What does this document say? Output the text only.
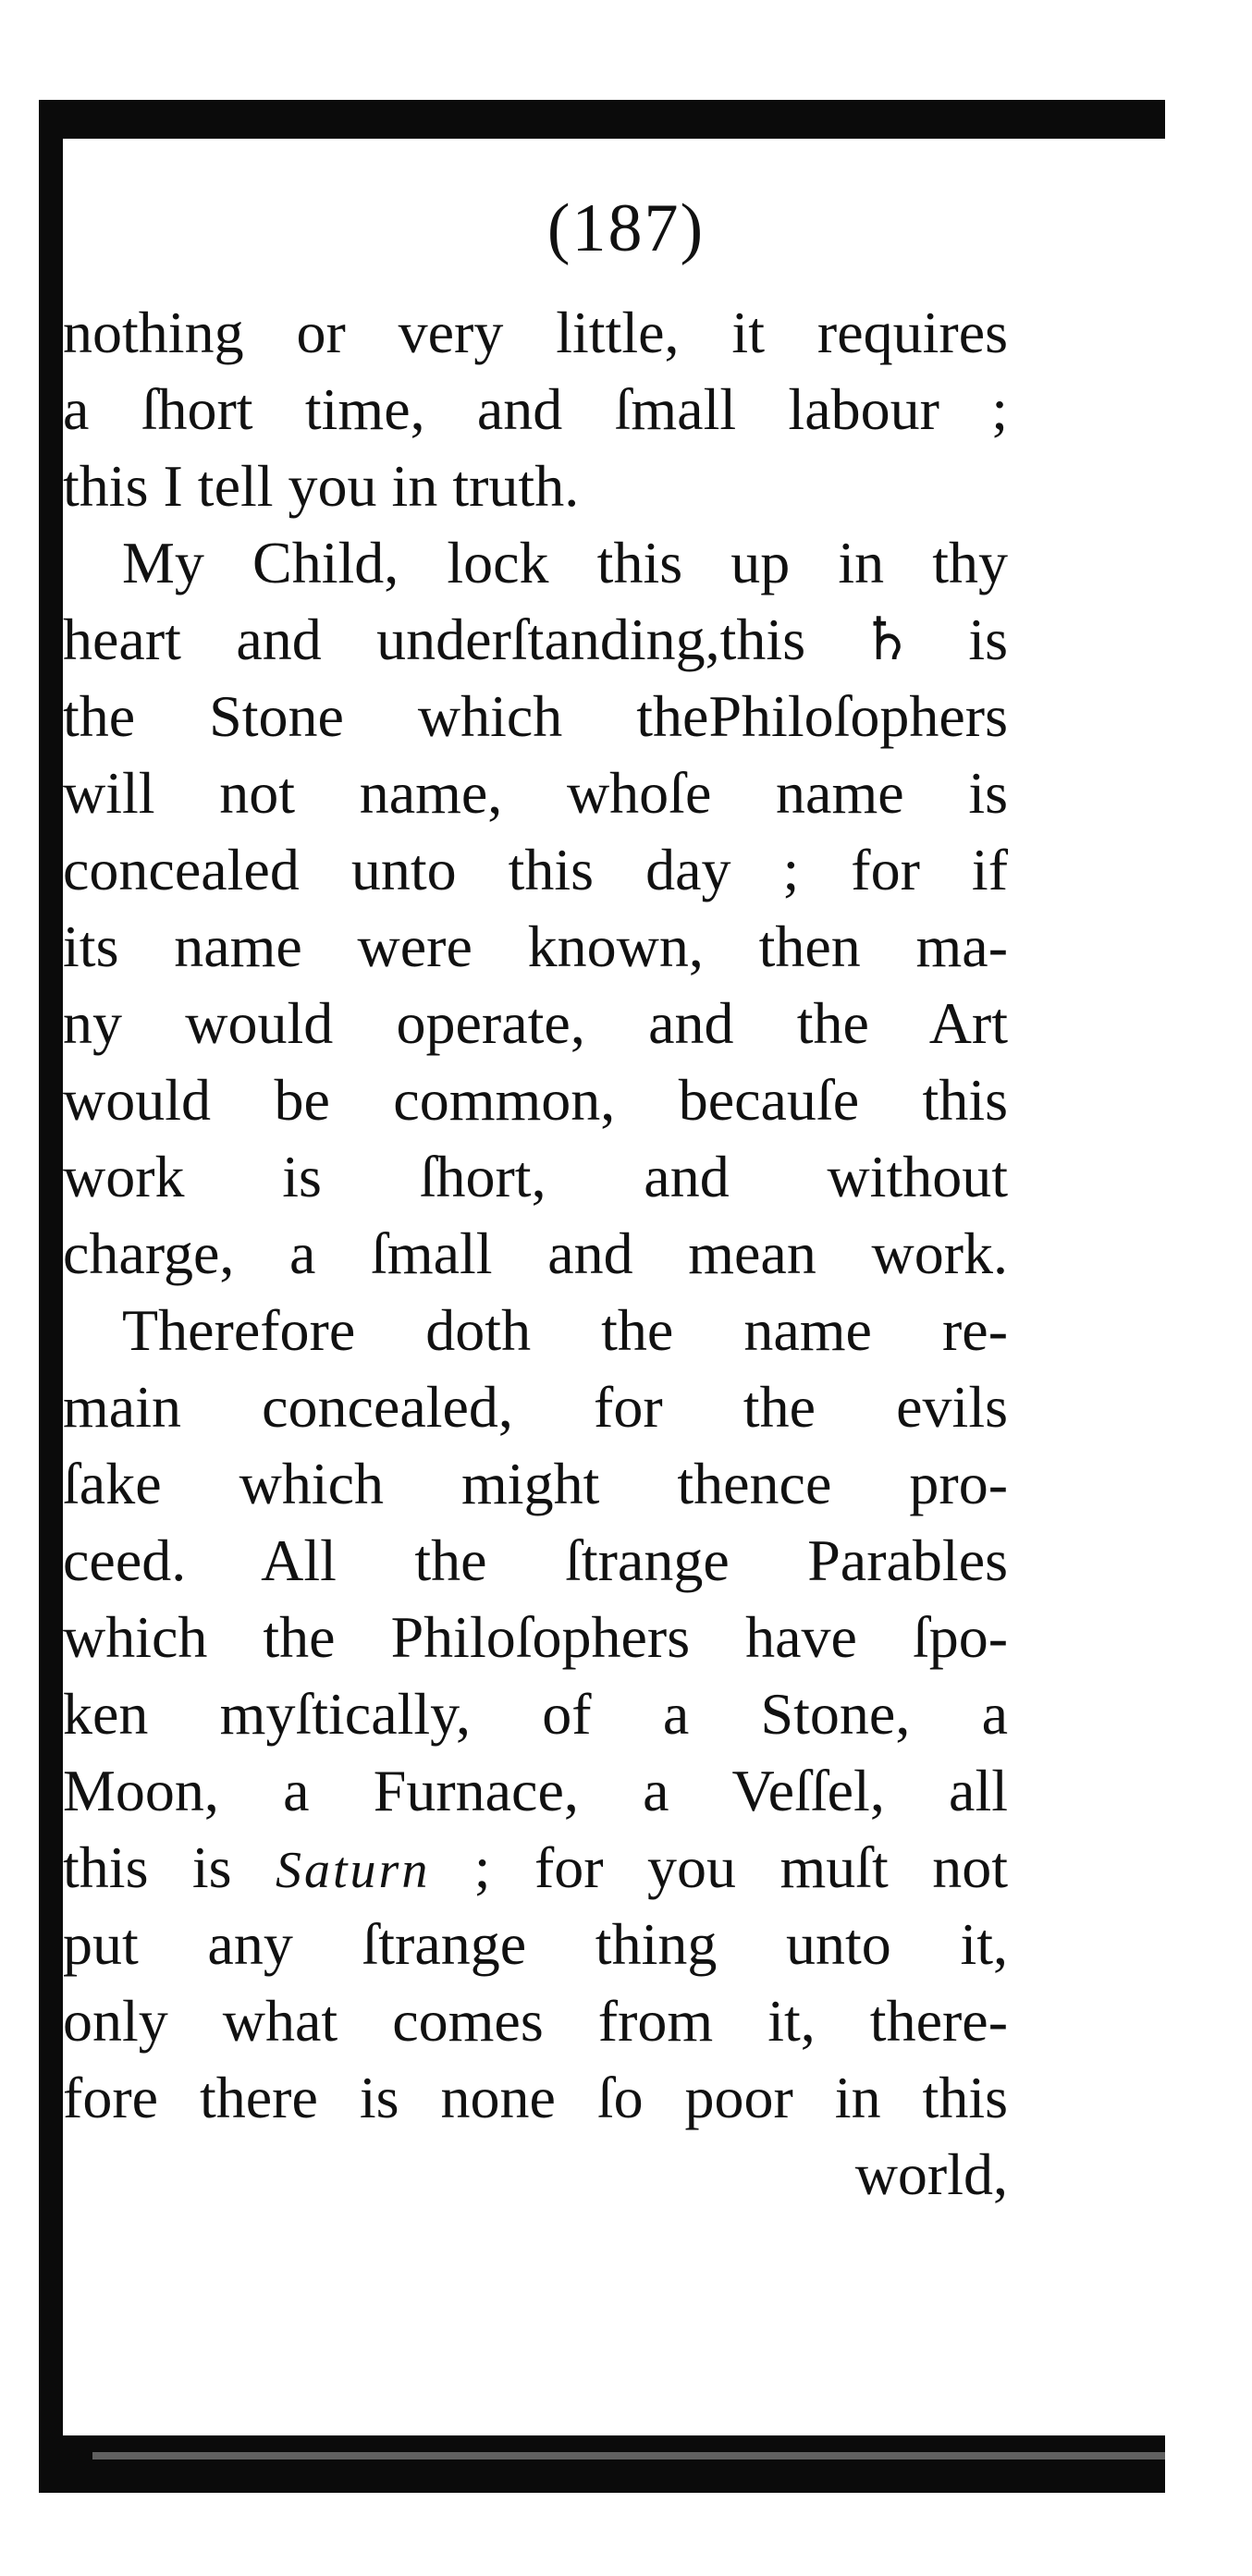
(187)
nothing or very little, it requires
a ſhort time, and ſmall labour ;
this I tell you in truth.
My Child, lock this up in thy
heart and underſtanding,this ♄ is
the Stone which thePhiloſophers
will not name, whoſe name is
concealed unto this day ; for if
its name were known, then ma-
ny would operate, and the Art
would be common, becauſe this
work is ſhort, and without
charge, a ſmall and mean work.
Therefore doth the name re-
main concealed, for the evils
ſake which might thence pro-
ceed. All the ſtrange Parables
which the Philoſophers have ſpo-
ken myſtically, of a Stone, a
Moon, a Furnace, a Veſſel, all
this is Saturn ; for you muſt not
put any ſtrange thing unto it,
only what comes from it, there-
fore there is none ſo poor in this
world,
